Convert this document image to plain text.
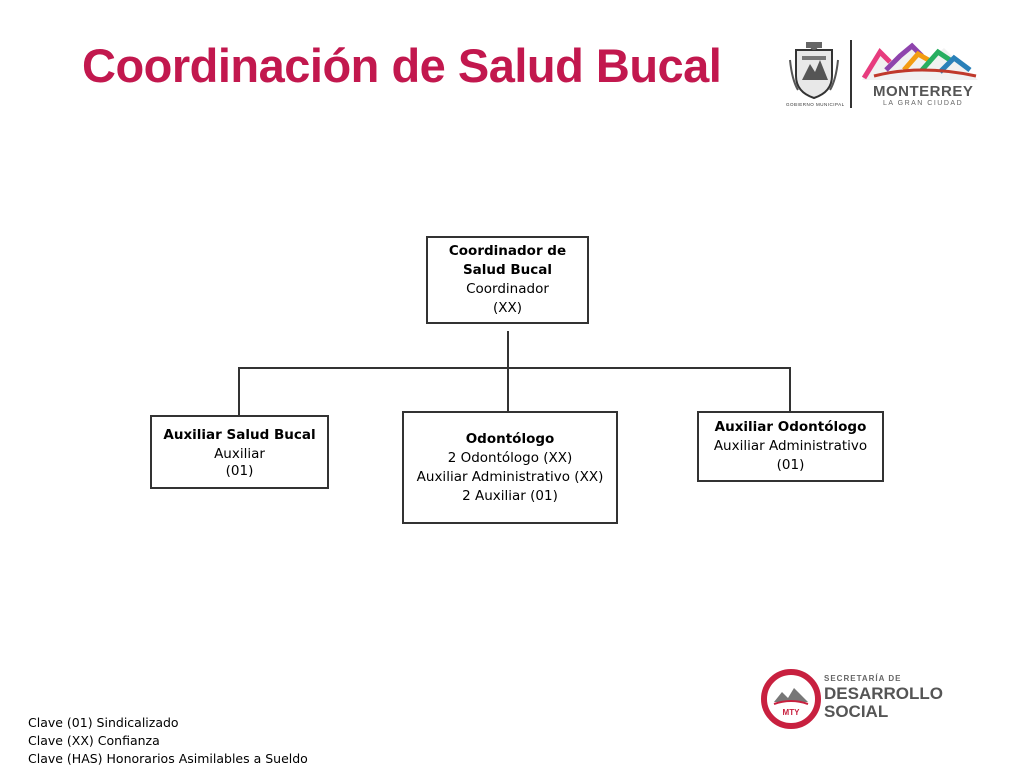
Coordinación de Salud Bucal
GOBIERNO MUNICIPAL
MONTERREY
LA GRAN CIUDAD
Coordinador de Salud Bucal
Coordinador
(XX)
Auxiliar Salud Bucal
Auxiliar
(01)
Odontólogo
2 Odontólogo (XX)
Auxiliar Administrativo (XX)
2 Auxiliar (01)
Auxiliar Odontólogo
Auxiliar Administrativo
(01)
MTY
SECRETARÍA DE
DESARROLLO
SOCIAL
Clave (01) Sindicalizado
Clave (XX) Confianza
Clave (HAS) Honorarios Asimilables a Sueldo
